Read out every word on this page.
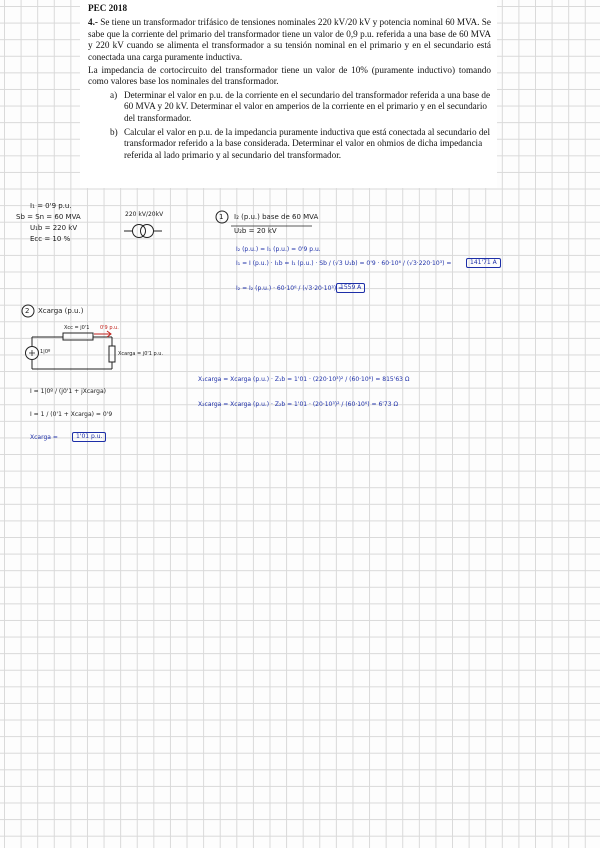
PEC 2018

4.- Se tiene un transformador trifásico de tensiones nominales 220 kV/20 kV y potencia nominal 60 MVA. Se sabe que la corriente del primario del transformador tiene un valor de 0,9 p.u. referida a una base de 60 MVA y 220 kV cuando se alimenta el transformador a su tensión nominal en el primario y en el secundario está conectada una carga puramente inductiva.

La impedancia de cortocircuito del transformador tiene un valor de 10% (puramente inductivo) tomando como valores base los nominales del transformador.

a) Determinar el valor en p.u. de la corriente en el secundario del transformador referida a una base de 60 MVA y 20 kV. Determinar el valor en amperios de la corriente en el primario y en el secundario del transformador.
b) Calcular el valor en p.u. de la impedancia puramente inductiva que está conectada al secundario del transformador referido a la base considerada. Determinar el valor en ohmios de dicha impedancia referida al lado primario y al secundario del transformador.
I₁ = 0'9 p.u.
Sb = Sn = 60 MVA
U₁b = 220 kV
Ecc = 10 %
220 kV/20kV	1 I₂ (p.u.) base de 60 MVA
U₂b = 20 kV
I₂ (p.u.) = I₁ (p.u.) = 0'9 p.u.
I₁ = I (p.u.) · I₁b = I₁ (p.u.) · Sb / (√3 U₁b) = 0'9 · 60·10⁶ / (√3·220·10³) =	141'71 A
I₂ = I₂ (p.u.) · 60·10⁶ / (√3·20·10³) =
1559 A
2 Xcarga (p.u.)
Xcc = j0'1 0'9 p.u.
1|0º	Xcarga = j0'1 p.u.
I = 1|0º / (j0'1 + jXcarga)
I = 1 / (0'1 + Xcarga) = 0'9
Xcarga =	1'01 p.u.
X₁carga = Xcarga (p.u.) · Z₁b = 1'01 · (220·10³)² / (60·10⁶) = 815'63 Ω
X₂carga = Xcarga (p.u.) · Z₂b = 1'01 · (20·10³)² / (60·10⁶) = 6'73 Ω
